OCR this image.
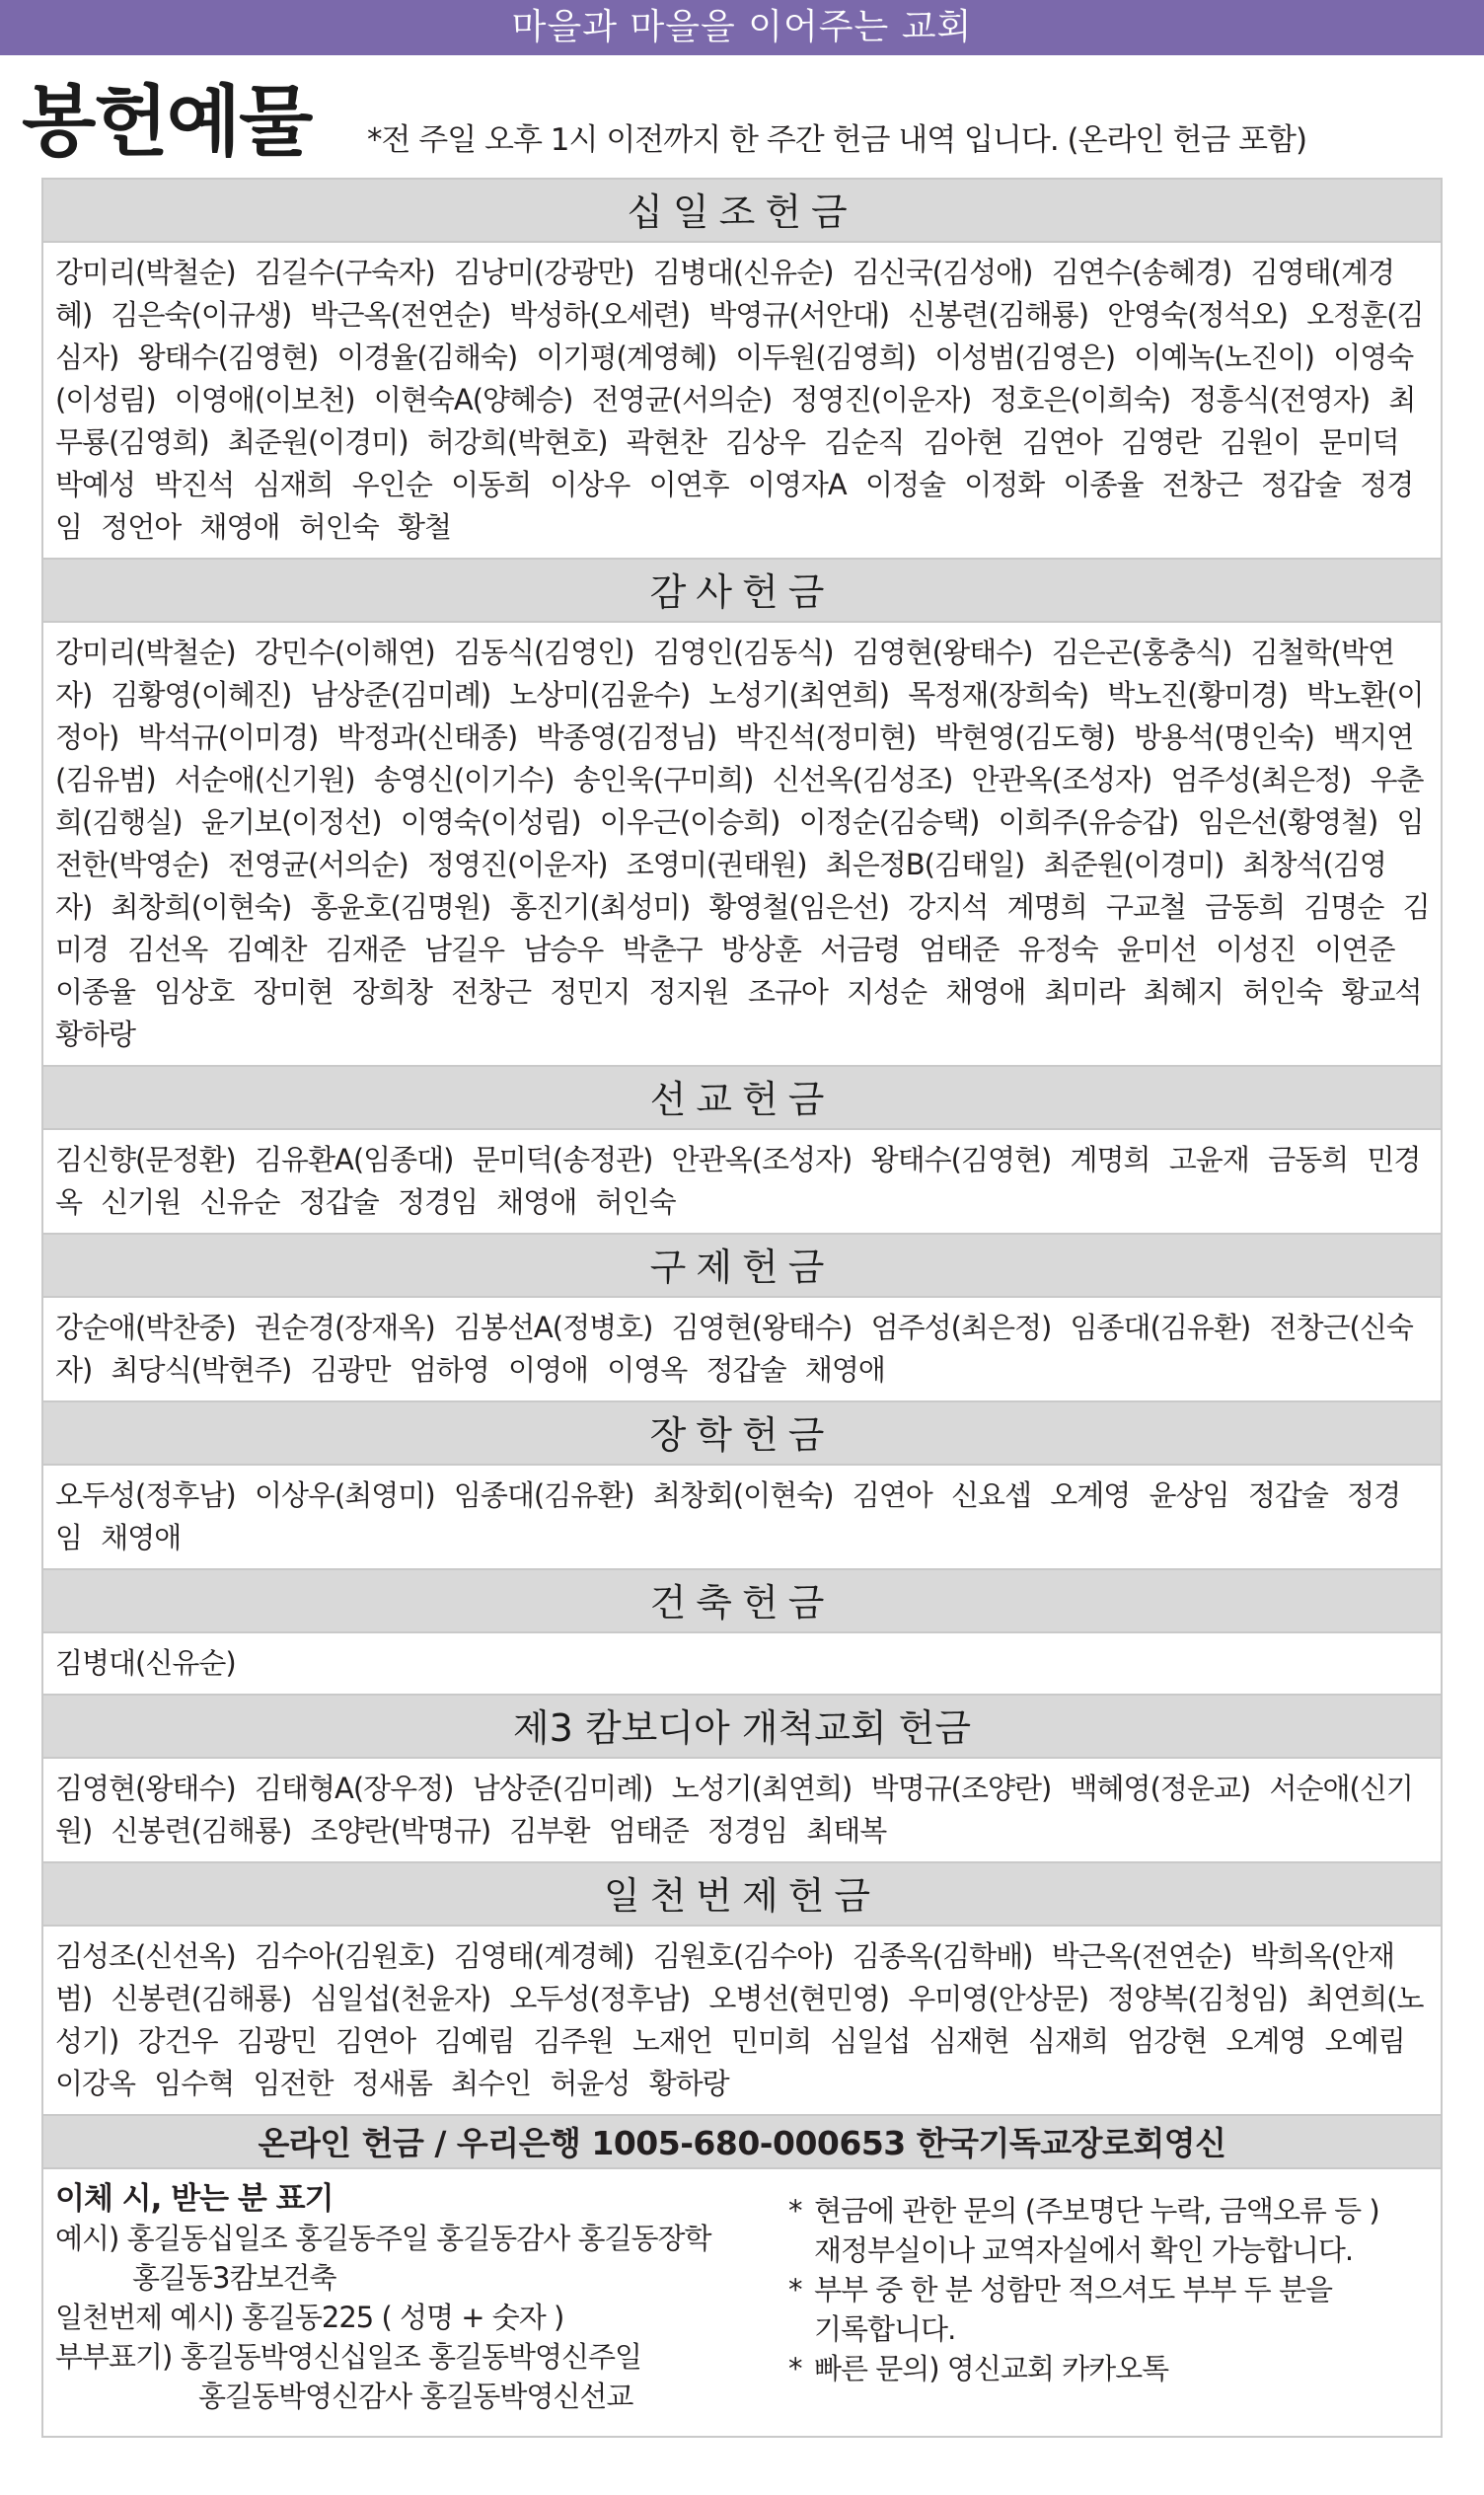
마을과 마을을 이어주는 교회
봉헌예물 *전 주일 오후 1시 이전까지 한 주간 헌금 내역 입니다. (온라인 헌금 포함)
십일조헌금
강미리(박철순) 김길수(구숙자) 김낭미(강광만) 김병대(신유순) 김신국(김성애) 김연수(송혜경) 김영태(계경혜) 김은숙(이규생) 박근옥(전연순) 박성하(오세련) 박영규(서안대) 신봉련(김해룡) 안영숙(정석오) 오정훈(김심자) 왕태수(김영현) 이경율(김해숙) 이기평(계영혜) 이두원(김영희) 이성범(김영은) 이예녹(노진이) 이영숙(이성림) 이영애(이보천) 이현숙A(양혜승) 전영균(서의순) 정영진(이운자) 정호은(이희숙) 정흥식(전영자) 최무룡(김영희) 최준원(이경미) 허강희(박현호) 곽현찬 김상우 김순직 김아현 김연아 김영란 김원이 문미덕 박예성 박진석 심재희 우인순 이동희 이상우 이연후 이영자A 이정술 이정화 이종율 전창근 정갑술 정경임 정언아 채영애 허인숙 황철
감사헌금
강미리(박철순) 강민수(이해연) 김동식(김영인) 김영인(김동식) 김영현(왕태수) 김은곤(홍충식) 김철학(박연자) 김황영(이혜진) 남상준(김미례) 노상미(김윤수) 노성기(최연희) 목정재(장희숙) 박노진(황미경) 박노환(이정아) 박석규(이미경) 박정과(신태종) 박종영(김정님) 박진석(정미현) 박현영(김도형) 방용석(명인숙) 백지연(김유범) 서순애(신기원) 송영신(이기수) 송인욱(구미희) 신선옥(김성조) 안관옥(조성자) 엄주성(최은정) 우춘희(김행실) 윤기보(이정선) 이영숙(이성림) 이우근(이승희) 이정순(김승택) 이희주(유승갑) 임은선(황영철) 임전한(박영순) 전영균(서의순) 정영진(이운자) 조영미(권태원) 최은정B(김태일) 최준원(이경미) 최창석(김영자) 최창희(이현숙) 홍윤호(김명원) 홍진기(최성미) 황영철(임은선) 강지석 계명희 구교철 금동희 김명순 김미경 김선옥 김예찬 김재준 남길우 남승우 박춘구 방상훈 서금령 엄태준 유정숙 윤미선 이성진 이연준 이종율 임상호 장미현 장희창 전창근 정민지 정지원 조규아 지성순 채영애 최미라 최혜지 허인숙 황교석 황하랑
선교헌금
김신향(문정환) 김유환A(임종대) 문미덕(송정관) 안관옥(조성자) 왕태수(김영현) 계명희 고윤재 금동희 민경옥 신기원 신유순 정갑술 정경임 채영애 허인숙
구제헌금
강순애(박찬중) 권순경(장재옥) 김봉선A(정병호) 김영현(왕태수) 엄주성(최은정) 임종대(김유환) 전창근(신숙자) 최당식(박현주) 김광만 엄하영 이영애 이영옥 정갑술 채영애
장학헌금
오두성(정후남) 이상우(최영미) 임종대(김유환) 최창회(이현숙) 김연아 신요셉 오계영 윤상임 정갑술 정경임 채영애
건축헌금
김병대(신유순)
제3 캄보디아 개척교회 헌금
김영현(왕태수) 김태형A(장우정) 남상준(김미례) 노성기(최연희) 박명규(조양란) 백혜영(정운교) 서순애(신기원) 신봉련(김해룡) 조양란(박명규) 김부환 엄태준 정경임 최태복
일천번제헌금
김성조(신선옥) 김수아(김원호) 김영태(계경혜) 김원호(김수아) 김종옥(김학배) 박근옥(전연순) 박희옥(안재범) 신봉련(김해룡) 심일섭(천윤자) 오두성(정후남) 오병선(현민영) 우미영(안상문) 정양복(김청임) 최연희(노성기) 강건우 김광민 김연아 김예림 김주원 노재언 민미희 심일섭 심재현 심재희 엄강현 오계영 오예림 이강옥 임수혁 임전한 정새롬 최수인 허윤성 황하랑
온라인 헌금 / 우리은행 1005-680-000653 한국기독교장로회영신
이체 시, 받는 분 표기
예시) 홍길동십일조 홍길동주일 홍길동감사 홍길동장학
홍길동3캄보건축
일천번제 예시) 홍길동225 ( 성명 + 숫자 )
부부표기) 홍길동박영신십일조 홍길동박영신주일
홍길동박영신감사 홍길동박영신선교
* 현금에 관한 문의 (주보명단 누락, 금액오류 등 )
재정부실이나 교역자실에서 확인 가능합니다.
* 부부 중 한 분 성함만 적으셔도 부부 두 분을
기록합니다.
* 빠른 문의) 영신교회 카카오톡
